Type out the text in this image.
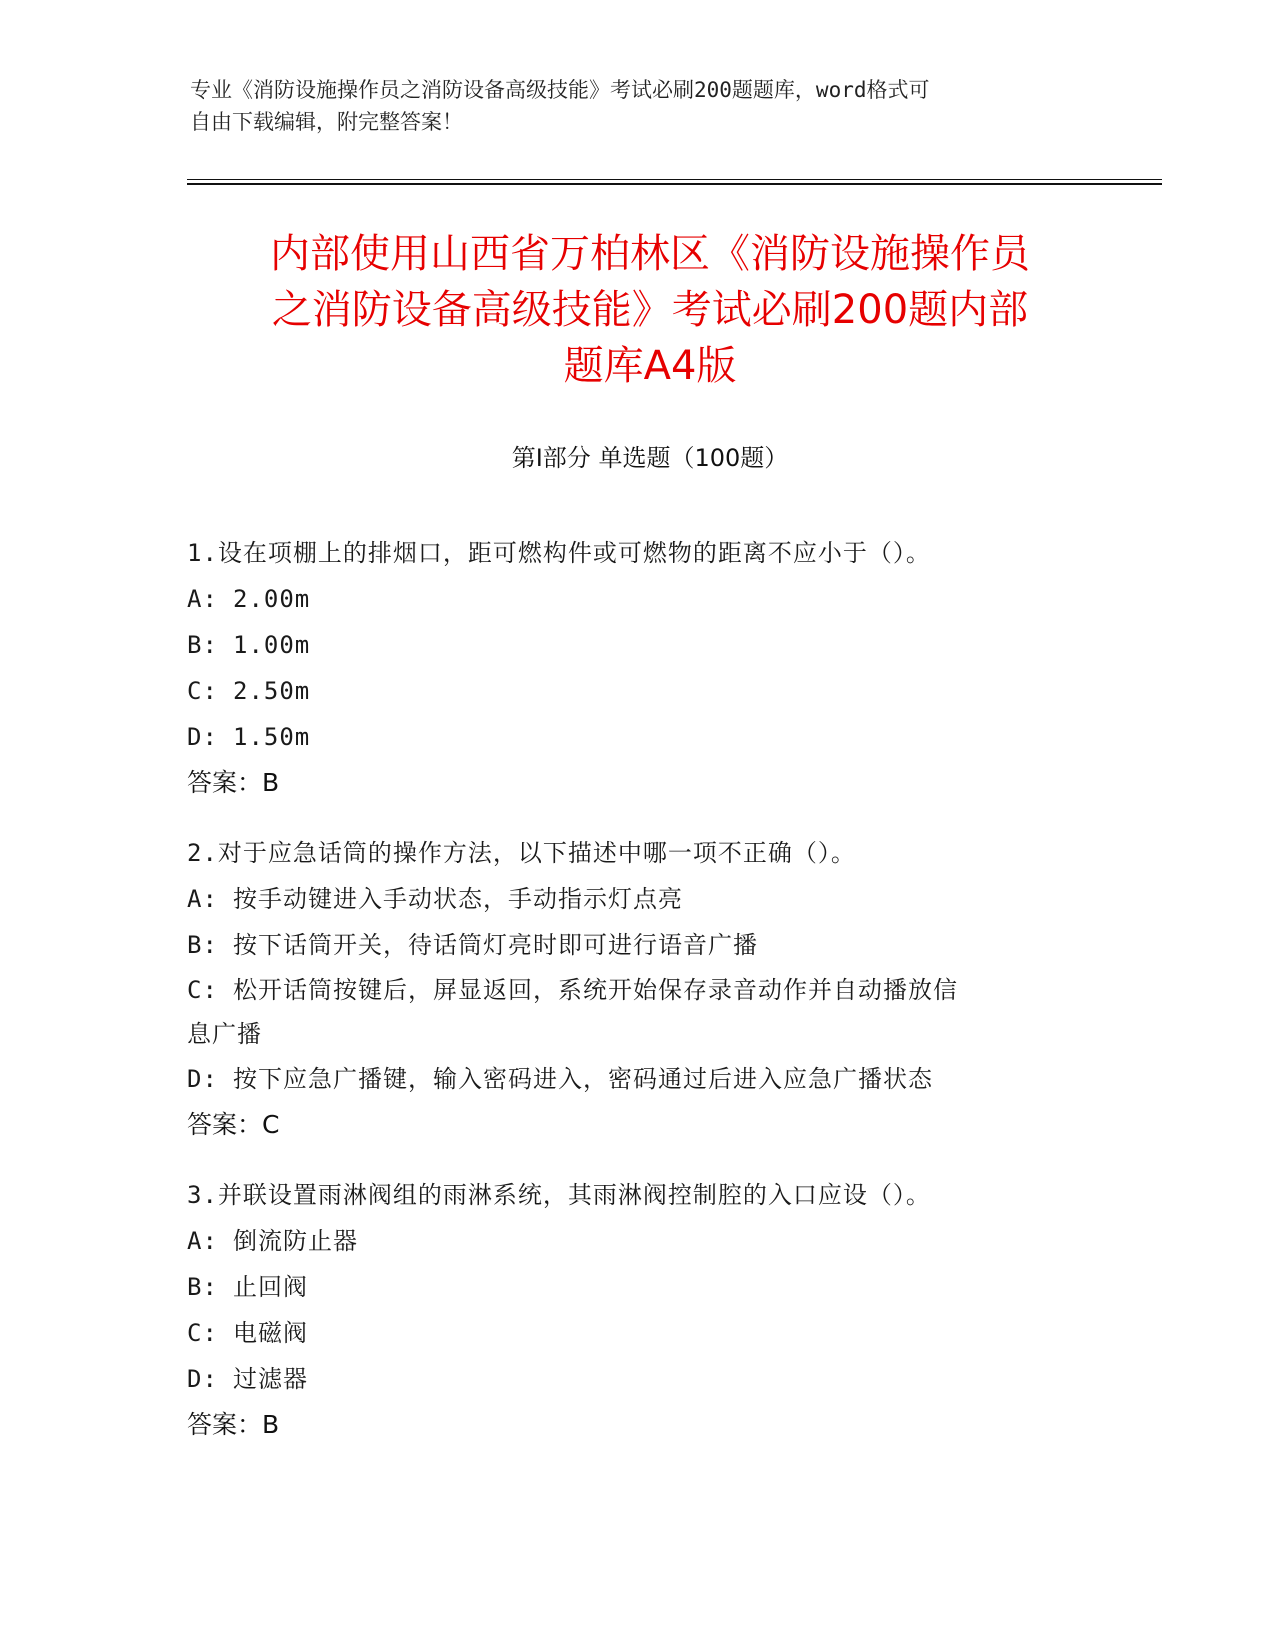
专业《消防设施操作员之消防设备高级技能》考试必刷200题题库，word格式可
自由下载编辑，附完整答案！
内部使用山西省万柏林区《消防设施操作员
之消防设备高级技能》考试必刷200题内部
题库A4版
第Ⅰ部分 单选题（100题）
1.设在项棚上的排烟口，距可燃构件或可燃物的距离不应小于（）。
A: 2.00m
B: 1.00m
C: 2.50m
D: 1.50m
答案：B
2.对于应急话筒的操作方法，以下描述中哪一项不正确（）。
A: 按手动键进入手动状态，手动指示灯点亮
B: 按下话筒开关，待话筒灯亮时即可进行语音广播
C: 松开话筒按键后，屏显返回，系统开始保存录音动作并自动播放信
息广播
D: 按下应急广播键，输入密码进入，密码通过后进入应急广播状态
答案：C
3.并联设置雨淋阀组的雨淋系统，其雨淋阀控制腔的入口应设（）。
A: 倒流防止器
B: 止回阀
C: 电磁阀
D: 过滤器
答案：B
